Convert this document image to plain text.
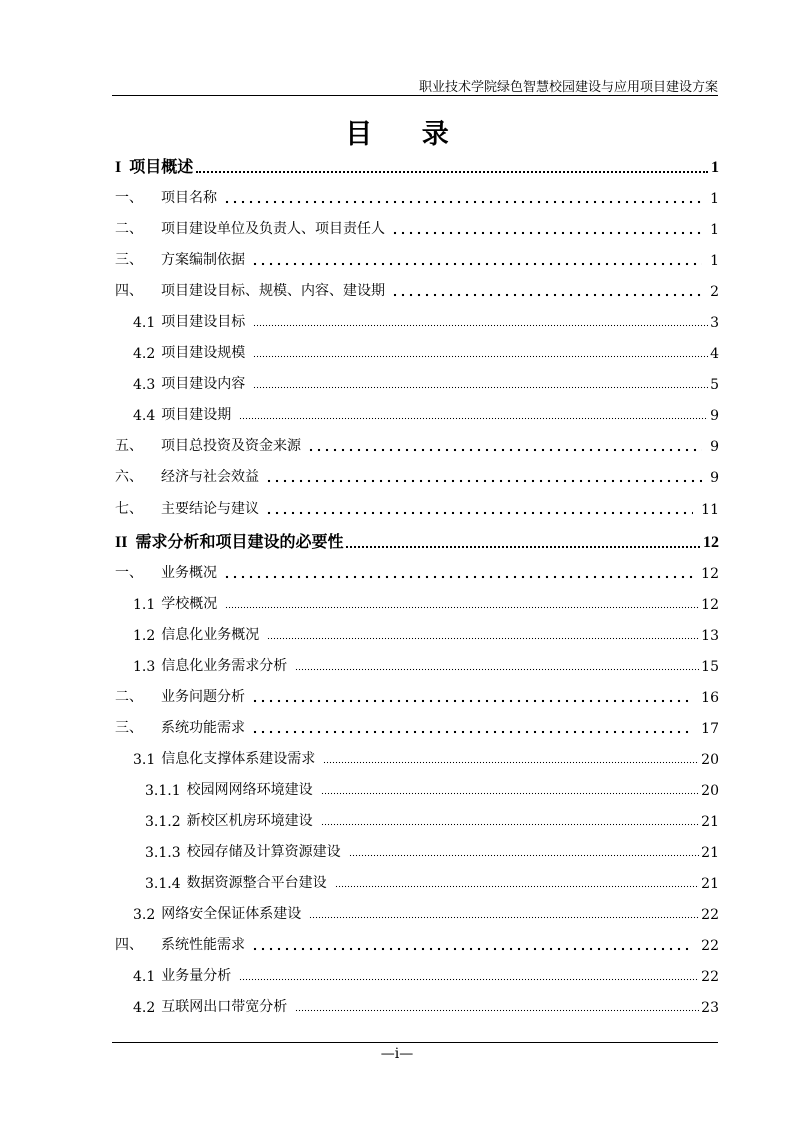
职业技术学院绿色智慧校园建设与应用项目建设方案
目 录
I 项目概述	1
一、	项目名称	1
二、	项目建设单位及负责人、项目责任人	1
三、	方案编制依据	1
四、	项目建设目标、规模、内容、建设期	2
4.1 项目建设目标	3
4.2 项目建设规模	4
4.3 项目建设内容	5
4.4 项目建设期	9
五、	项目总投资及资金来源	9
六、	经济与社会效益	9
七、	主要结论与建议	11
II 需求分析和项目建设的必要性	12
一、	业务概况	12
1.1 学校概况	12
1.2 信息化业务概况	13
1.3 信息化业务需求分析	15
二、	业务问题分析	16
三、	系统功能需求	17
3.1 信息化支撑体系建设需求	20
3.1.1 校园网网络环境建设	20
3.1.2 新校区机房环境建设	21
3.1.3 校园存储及计算资源建设	21
3.1.4 数据资源整合平台建设	21
3.2 网络安全保证体系建设	22
四、	系统性能需求	22
4.1 业务量分析	22
4.2 互联网出口带宽分析	23
—i—
